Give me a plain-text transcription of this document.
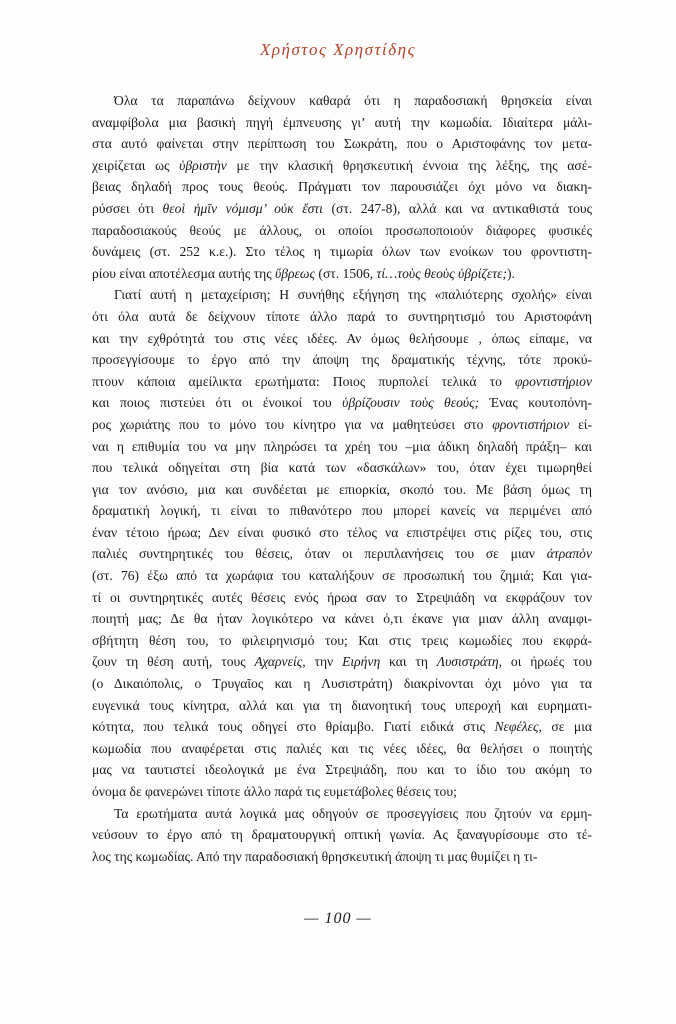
Χρήστος Χρηστίδης
Όλα τα παραπάνω δείχνουν καθαρά ότι η παραδοσιακή θρησκεία είναι
αναμφίβολα μια βασική πηγή έμπνευσης γι’ αυτή την κωμωδία. Ιδιαίτερα μάλι-
στα αυτό φαίνεται στην περίπτωση του Σωκράτη, που ο Αριστοφάνης τον μετα-
χειρίζεται ως ὑβριστὴν με την κλασική θρησκευτική έννοια της λέξης, της ασέ-
βειας δηλαδή προς τους θεούς. Πράγματι τον παρουσιάζει όχι μόνο να διακη-
ρύσσει ότι θεοὶ ἡμῖν νόμισμ’ οὐκ ἔστι (στ. 247-8), αλλά και να αντικαθιστά τους
παραδοσιακούς θεούς με άλλους, οι οποίοι προσωποποιούν διάφορες φυσικές
δυνάμεις (στ. 252 κ.ε.). Στο τέλος η τιμωρία όλων των ενοίκων του φροντιστη-
ρίου είναι αποτέλεσμα αυτής της ὕβρεως (στ. 1506, τί…τοὺς θεοὺς ὑβρίζετε;).
Γιατί αυτή η μεταχείριση; Η συνήθης εξήγηση της «παλιότερης σχολής» είναι
ότι όλα αυτά δε δείχνουν τίποτε άλλο παρά το συντηρητισμό του Αριστοφάνη
και την εχθρότητά του στις νέες ιδέες. Αν όμως θελήσουμε , όπως είπαμε, να
προσεγγίσουμε το έργο από την άποψη της δραματικής τέχνης, τότε προκύ-
πτουν κάποια αμείλικτα ερωτήματα: Ποιος πυρπολεί τελικά το φροντιστήριον
και ποιος πιστεύει ότι οι ένοικοί του ὑβρίζουσιν τοὺς θεούς; Ένας κουτοπόνη-
ρος χωριάτης που το μόνο του κίνητρο για να μαθητεύσει στο φροντιστήριον εί-
ναι η επιθυμία του να μην πληρώσει τα χρέη του –μια άδικη δηλαδή πράξη– και
που τελικά οδηγείται στη βία κατά των «δασκάλων» του, όταν έχει τιμωρηθεί
για τον ανόσιο, μια και συνδέεται με επιορκία, σκοπό του. Με βάση όμως τη
δραματική λογική, τι είναι το πιθανότερο που μπορεί κανείς να περιμένει από
έναν τέτοιο ήρωα; Δεν είναι φυσικό στο τέλος να επιστρέψει στις ρίζες του, στις
παλιές συντηρητικές του θέσεις, όταν οι περιπλανήσεις του σε μιαν ἀτραπὸν
(στ. 76) έξω από τα χωράφια του καταλήξουν σε προσωπική του ζημιά; Και για-
τί οι συντηρητικές αυτές θέσεις ενός ήρωα σαν το Στρεψιάδη να εκφράζουν τον
ποιητή μας; Δε θα ήταν λογικότερο να κάνει ό,τι έκανε για μιαν άλλη αναμφι-
σβήτητη θέση του, το φιλειρηνισμό του; Και στις τρεις κωμωδίες που εκφρά-
ζουν τη θέση αυτή, τους Αχαρνείς, την Ειρήνη και τη Λυσιστράτη, οι ήρωές του
(ο Δικαιόπολις, ο Τρυγαῖος και η Λυσιστράτη) διακρίνονται όχι μόνο για τα
ευγενικά τους κίνητρα, αλλά και για τη διανοητική τους υπεροχή και ευρηματι-
κότητα, που τελικά τους οδηγεί στο θρίαμβο. Γιατί ειδικά στις Νεφέλες, σε μια
κωμωδία που αναφέρεται στις παλιές και τις νέες ιδέες, θα θελήσει ο ποιητής
μας να ταυτιστεί ιδεολογικά με ένα Στρεψιάδη, που και το ίδιο του ακόμη το
όνομα δε φανερώνει τίποτε άλλο παρά τις ευμετάβολες θέσεις του;
Τα ερωτήματα αυτά λογικά μας οδηγούν σε προσεγγίσεις που ζητούν να ερμη-
νεύσουν το έργο από τη δραματουργική οπτική γωνία. Ας ξαναγυρίσουμε στο τέ-
λος της κωμωδίας. Από την παραδοσιακή θρησκευτική άποψη τι μας θυμίζει η τι-
— 100 —
